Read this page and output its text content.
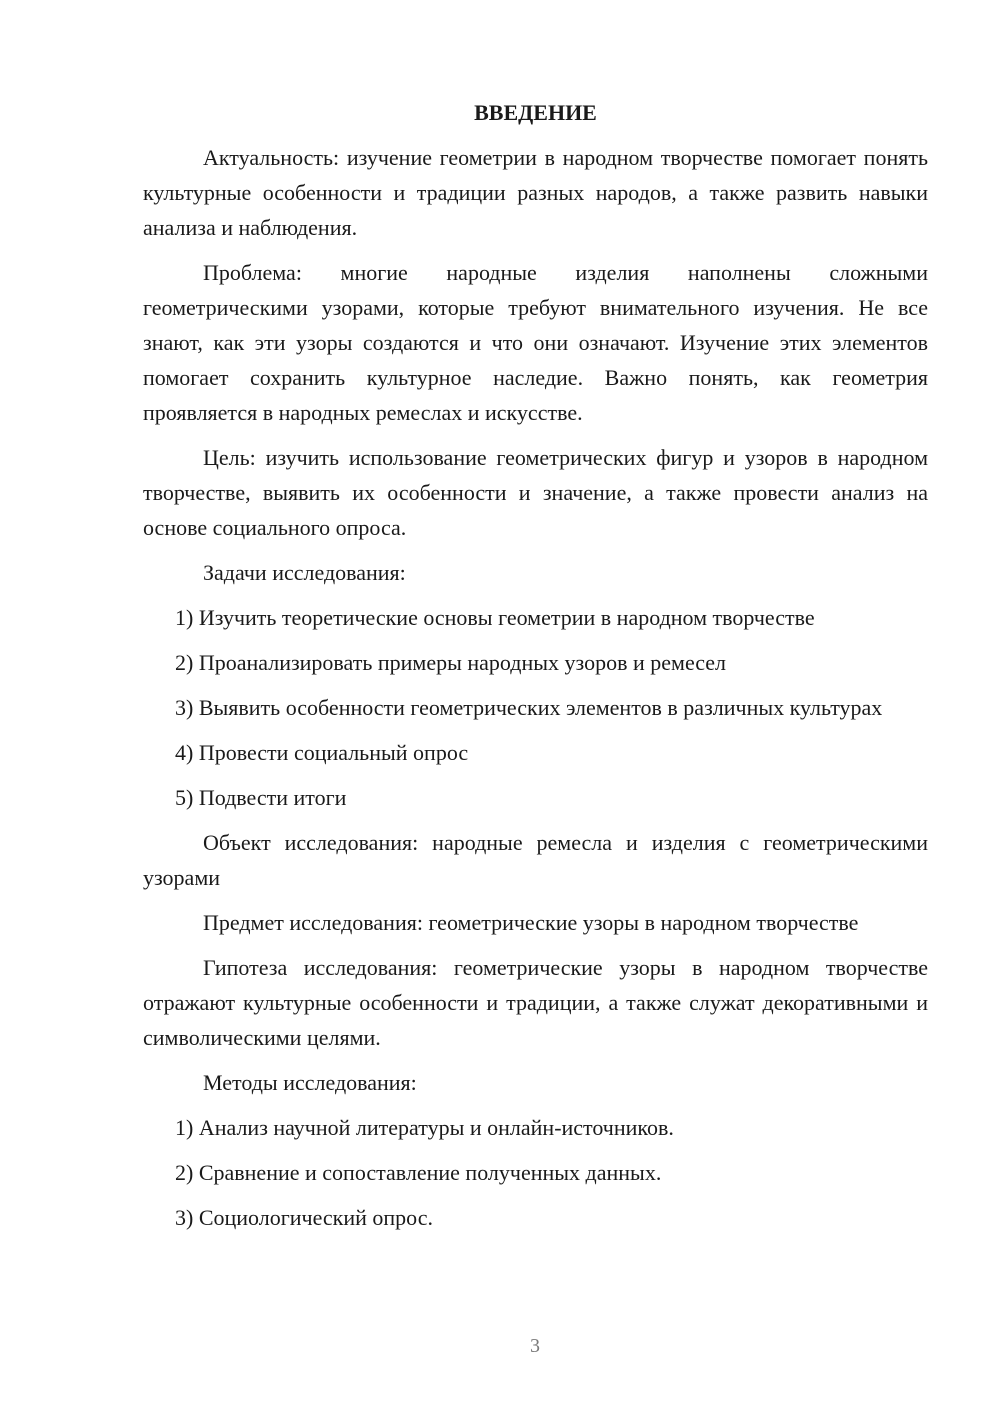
ВВЕДЕНИЕ

Актуальность: изучение геометрии в народном творчестве помогает понять культурные особенности и традиции разных народов, а также развить навыки анализа и наблюдения.

Проблема: многие народные изделия наполнены сложными геометрическими узорами, которые требуют внимательного изучения. Не все знают, как эти узоры создаются и что они означают. Изучение этих элементов помогает сохранить культурное наследие. Важно понять, как геометрия проявляется в народных ремеслах и искусстве.

Цель: изучить использование геометрических фигур и узоров в народном творчестве, выявить их особенности и значение, а также провести анализ на основе социального опроса.

Задачи исследования:

1) Изучить теоретические основы геометрии в народном творчестве

2) Проанализировать примеры народных узоров и ремесел

3) Выявить особенности геометрических элементов в различных культурах

4) Провести социальный опрос

5) Подвести итоги

Объект исследования: народные ремесла и изделия с геометрическими узорами

Предмет исследования: геометрические узоры в народном творчестве

Гипотеза исследования: геометрические узоры в народном творчестве отражают культурные особенности и традиции, а также служат декоративными и символическими целями.

Методы исследования:

1) Анализ научной литературы и онлайн-источников.

2) Сравнение и сопоставление полученных данных.

3) Социологический опрос.

3
